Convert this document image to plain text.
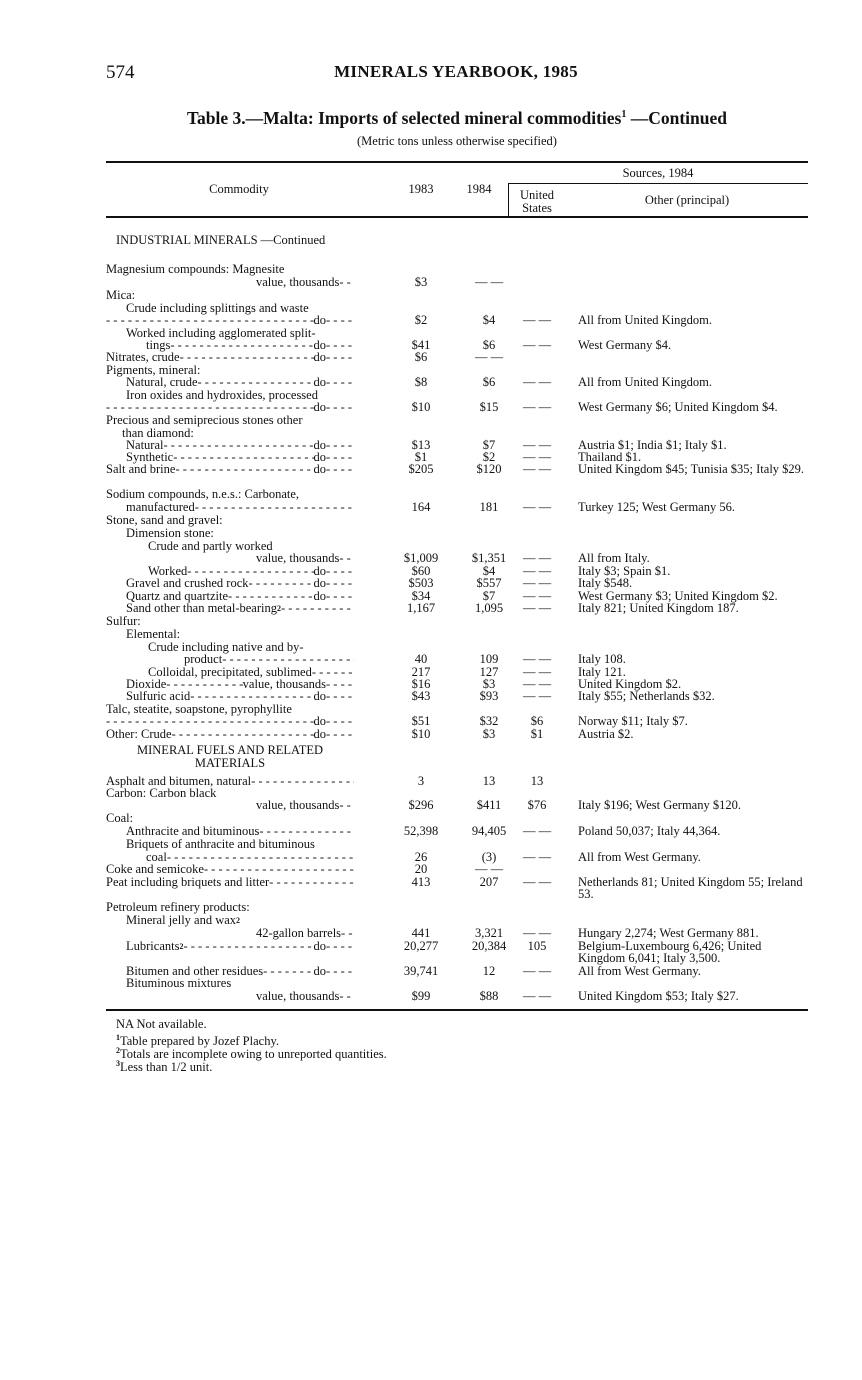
574	MINERALS YEARBOOK, 1985
Table 3.—Malta: Imports of selected mineral commodities$^1$ —Continued
(Metric tons unless otherwise specified)
Commodity	1983	1984
Sources, 1984
United
States
Other (principal)
INDUSTRIAL MINERALS —Continued
MINERAL FUELS AND RELATED
MATERIALS
Magnesium compounds: Magnesite
value, thousands - - -	$3	— —
Mica:
Crude including splittings and waste
- - -
do - - -	$2	$4	— —	All from United Kingdom.
Worked including agglomerated split-
tings - - -	do - - -	$41	$6	— —	West Germany $4.
Nitrates, crude - - -	do - - -	$6	— —
Pigments, mineral:
Natural, crude - - -	do - - -	$8	$6	— —	All from United Kingdom.
Iron oxides and hydroxides, processed
- - -
do - - -	$10	$15	— —	West Germany $6; United Kingdom $4.
Precious and semiprecious stones other
than diamond:
Natural - - -	do - - -	$13	$7	— —	Austria $1; India $1; Italy $1.
Synthetic - - -	do - - -	$1	$2	— —	Thailand $1.
Salt and brine - - -	do - - -	$205	$120	— —	United Kingdom $45; Tunisia $35; Italy $29.
Sodium compounds, n.e.s.: Carbonate,
manufactured - - -	164	181	— —	Turkey 125; West Germany 56.
Stone, sand and gravel:
Dimension stone:
Crude and partly worked
value, thousands - - -	$1,009	$1,351	— —	All from Italy.
Worked - - -	do - - -	$60	$4	— —	Italy $3; Spain $1.
Gravel and crushed rock - - -	do - - -	$503	$557	— —	Italy $548.
Quartz and quartzite - - -	do - - -	$34	$7	— —	West Germany $3; United Kingdom $2.
Sand other than metal-bearing 2 - - -	1,167	1,095	— —	Italy 821; United Kingdom 187.
Sulfur:
Elemental:
Crude including native and by-
product - - -	40	109	— —	Italy 108.
Colloidal, precipitated, sublimed - - -	217	127	— —	Italy 121.
Dioxide - - -	value, thousands - - -	$16	$3	— —	United Kingdom $2.
Sulfuric acid - - -	do - - -	$43	$93	— —	Italy $55; Netherlands $32.
Talc, steatite, soapstone, pyrophyllite
- - -
do - - -	$51	$32	$6	Norway $11; Italy $7.
Other: Crude - - -	do - - -	$10	$3	$1	Austria $2.
Asphalt and bitumen, natural - - -	3	13	13
Carbon: Carbon black
value, thousands - - -	$296	$411	$76	Italy $196; West Germany $120.
Coal:
Anthracite and bituminous - - -	52,398	94,405	— —	Poland 50,037; Italy 44,364.
Briquets of anthracite and bituminous
coal - - -	26	(3)	— —	All from West Germany.
Coke and semicoke - - -	20	— —
Peat including briquets and litter - - -	413	207	— —	Netherlands 81; United Kingdom 55; Ireland 53.
Petroleum refinery products:
Mineral jelly and wax 2
42-gallon barrels - - -	441	3,321	— —	Hungary 2,274; West Germany 881.
Lubricants 2 - - -	do - - -	20,277	20,384	105	Belgium-Luxembourg 6,426; United Kingdom 6,041; Italy 3,500.
Bitumen and other residues - - -	do - - -	39,741	12	— —	All from West Germany.
Bituminous mixtures
value, thousands - - -	$99	$88	— —	United Kingdom $53; Italy $27.
NA Not available.
$^1$Table prepared by Jozef Plachy.
$^2$Totals are incomplete owing to unreported quantities.
$^3$Less than 1/2 unit.
